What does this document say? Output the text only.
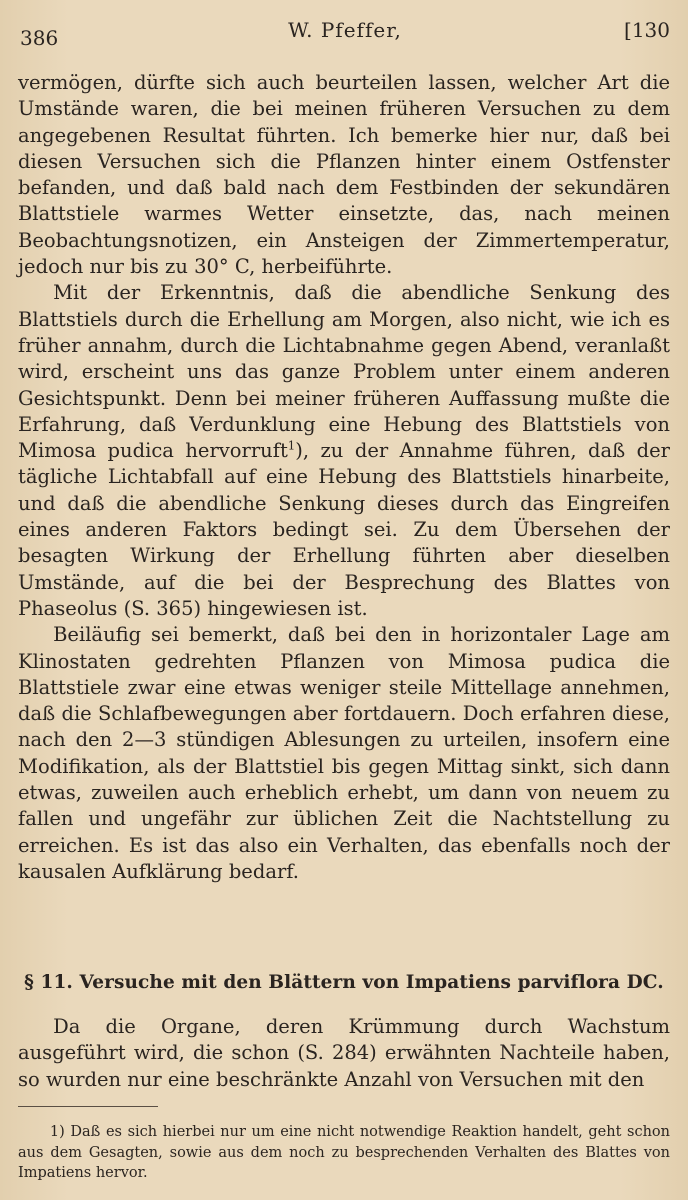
386	W. Pfeffer,	[130

vermögen, dürfte sich auch beurteilen lassen, welcher Art die Umstände waren, die bei meinen früheren Versuchen zu dem angegebenen Resultat führten. Ich bemerke hier nur, daß bei diesen Versuchen sich die Pflanzen hinter einem Ostfenster befanden, und daß bald nach dem Festbinden der sekundären Blattstiele warmes Wetter einsetzte, das, nach meinen Beobachtungsnotizen, ein Ansteigen der Zimmertemperatur, jedoch nur bis zu 30° C, herbeiführte.

Mit der Erkenntnis, daß die abendliche Senkung des Blattstiels durch die Erhellung am Morgen, also nicht, wie ich es früher annahm, durch die Lichtabnahme gegen Abend, veranlaßt wird, erscheint uns das ganze Problem unter einem anderen Gesichtspunkt. Denn bei meiner früheren Auffassung mußte die Erfahrung, daß Verdunklung eine Hebung des Blattstiels von Mimosa pudica hervorruft$^1$), zu der Annahme führen, daß der tägliche Lichtabfall auf eine Hebung des Blattstiels hinarbeite, und daß die abendliche Senkung dieses durch das Eingreifen eines anderen Faktors bedingt sei. Zu dem Übersehen der besagten Wirkung der Erhellung führten aber dieselben Umstände, auf die bei der Besprechung des Blattes von Phaseolus (S. 365) hingewiesen ist.

Beiläufig sei bemerkt, daß bei den in horizontaler Lage am Klinostaten gedrehten Pflanzen von Mimosa pudica die Blattstiele zwar eine etwas weniger steile Mittellage annehmen, daß die Schlafbewegungen aber fortdauern. Doch erfahren diese, nach den 2—3 stündigen Ablesungen zu urteilen, insofern eine Modifikation, als der Blattstiel bis gegen Mittag sinkt, sich dann etwas, zuweilen auch erheblich erhebt, um dann von neuem zu fallen und ungefähr zur üblichen Zeit die Nachtstellung zu erreichen. Es ist das also ein Verhalten, das ebenfalls noch der kausalen Aufklärung bedarf.

§ 11. Versuche mit den Blättern von Impatiens parviflora DC.

Da die Organe, deren Krümmung durch Wachstum ausgeführt wird, die schon (S. 284) erwähnten Nachteile haben, so wurden nur eine beschränkte Anzahl von Versuchen mit den

1) Daß es sich hierbei nur um eine nicht notwendige Reaktion handelt, geht schon aus dem Gesagten, sowie aus dem noch zu besprechenden Verhalten des Blattes von Impatiens hervor.
